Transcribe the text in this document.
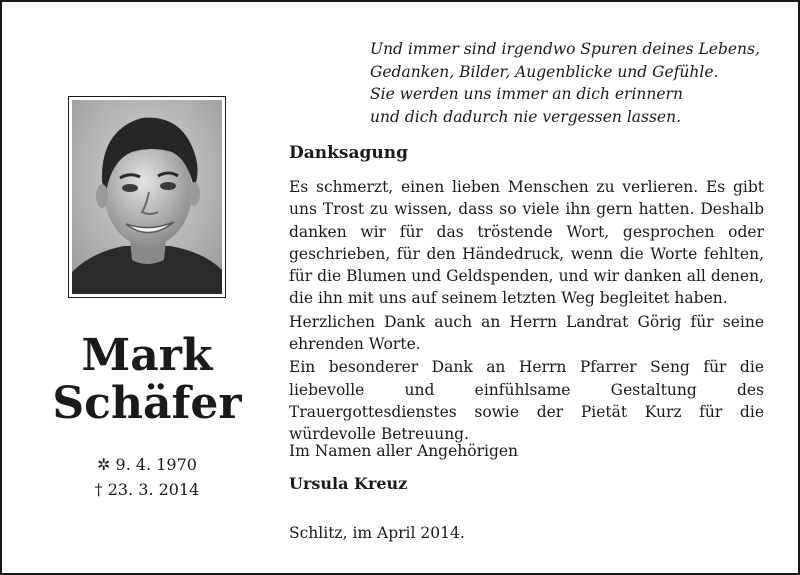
Und immer sind irgendwo Spuren deines Lebens,
Gedanken, Bilder, Augenblicke und Gefühle.
Sie werden uns immer an dich erinnern
und dich dadurch nie vergessen lassen.
Mark
Schäfer
✲ 9. 4. 1970
† 23. 3. 2014
Danksagung

Es schmerzt, einen lieben Menschen zu verlieren. Es gibt uns Trost zu wissen, dass so viele ihn gern hatten. Deshalb danken wir für das tröstende Wort, gesprochen oder geschrieben, für den Händedruck, wenn die Worte fehlten, für die Blumen und Geldspenden, und wir danken all denen, die ihn mit uns auf seinem letzten Weg begleitet haben.

Herzlichen Dank auch an Herrn Landrat Görig für seine ehrenden Worte.

Ein besonderer Dank an Herrn Pfarrer Seng für die liebevolle und einfühlsame Gestaltung des Trauergottesdienstes sowie der Pietät Kurz für die würdevolle Betreuung.

Im Namen aller Angehörigen
Ursula Kreuz
Schlitz, im April 2014.
